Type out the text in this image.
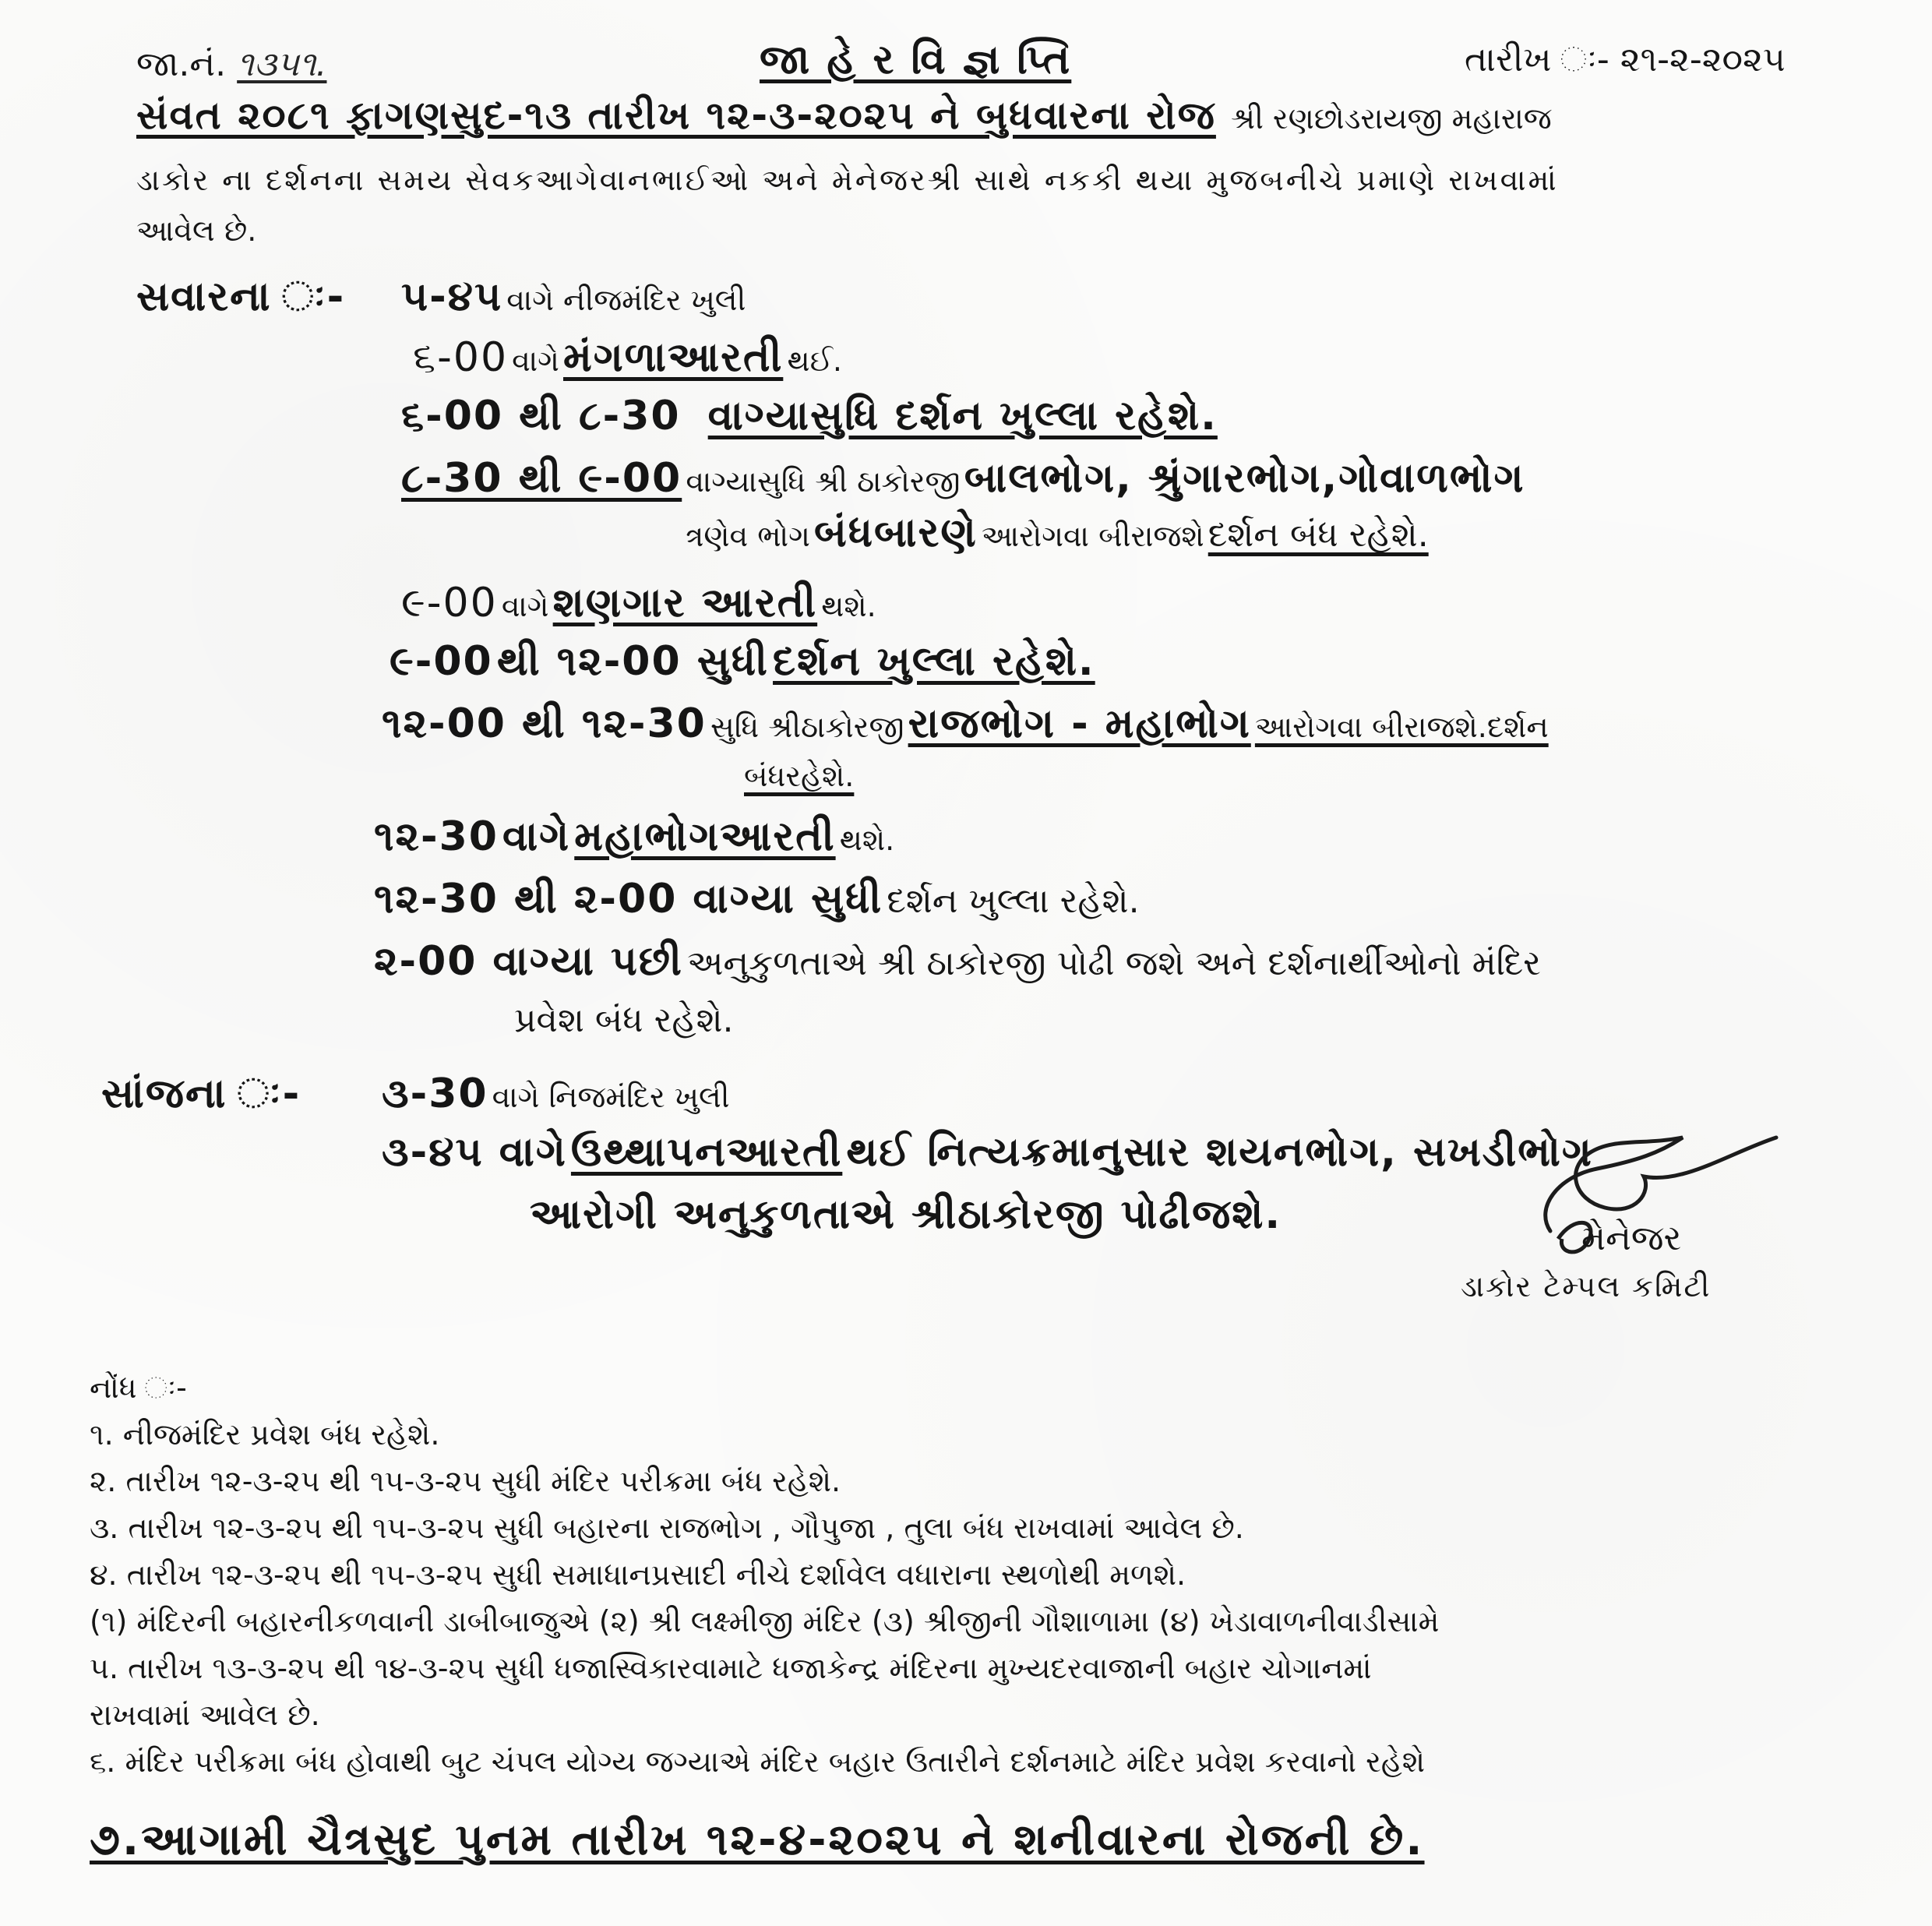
જા.નં. ૧૩૫૧.	જા હે ર વિ જ્ઞ પ્તિ	તારીખ ઃ- ૨૧-૨-૨૦૨૫
સંવત ૨૦૮૧ ફાગણસુદ-૧૩ તારીખ ૧૨-૩-૨૦૨૫ ને બુધવારના રોજ શ્રી રણછોડરાયજી મહારાજ
ડાકોર ના દર્શનના સમય સેવકઆગેવાનભાઈઓ અને મેનેજરશ્રી સાથે નકકી થયા મુજબનીચે પ્રમાણે રાખવામાં
આવેલ છે.
સવારના ઃ- ૫-૪૫ વાગે નીજમંદિર ખુલી
૬-00 વાગે મંગળાઆરતી થઈ.
૬-00 થી ૮-30 વાગ્યાસુધિ દર્શન ખુલ્લા રહેશે.
૮-30 થી ૯-00 વાગ્યાસુધિ શ્રી ઠાકોરજી બાલભોગ, શ્રુંગારભોગ,ગોવાળભોગ
ત્રણેવ ભોગ બંધબારણે આરોગવા બીરાજશે દર્શન બંધ રહેશે.
૯-00 વાગે શણગાર આરતી થશે.
૯-00 થી ૧૨-00 સુધી દર્શન ખુલ્લા રહેશે.
૧૨-00 થી ૧૨-30 સુધિ શ્રીઠાકોરજી રાજભોગ - મહાભોગ આરોગવા બીરાજશે.દર્શન
બંધરહેશે.
૧૨-30 વાગે મહાભોગઆરતી થશે.
૧૨-30 થી ૨-00 વાગ્યા સુધી દર્શન ખુલ્લા રહેશે.
૨-00 વાગ્યા પછી અનુકુળતાએ શ્રી ઠાકોરજી પોઢી જશે અને દર્શનાર્થીઓનો મંદિર
પ્રવેશ બંધ રહેશે.
સાંજના ઃ- ૩-30 વાગે નિજમંદિર ખુલી
૩-૪૫ વાગે ઉથ્થાપનઆરતી થઈ નિત્યક્રમાનુસાર શયનભોગ, સખડીભોગ
આરોગી અનુકુળતાએ શ્રીઠાકોરજી પોઢીજશે.
મેનેજર
ડાકોર ટેમ્પલ કમિટી
નોંધ ઃ-
૧. નીજમંદિર પ્રવેશ બંધ રહેશે.
૨. તારીખ ૧૨-૩-૨૫ થી ૧૫-૩-૨૫ સુધી મંદિર પરીક્રમા બંધ રહેશે.
૩. તારીખ ૧૨-૩-૨૫ થી ૧૫-૩-૨૫ સુધી બહારના રાજભોગ , ગૌપુજા , તુલા બંધ રાખવામાં આવેલ છે.
૪. તારીખ ૧૨-૩-૨૫ થી ૧૫-૩-૨૫ સુધી સમાધાનપ્રસાદી નીચે દર્શાવેલ વધારાના સ્થળોથી મળશે.
(૧) મંદિરની બહારનીકળવાની ડાબીબાજુએ (૨) શ્રી લક્ષ્મીજી મંદિર (૩) શ્રીજીની ગૌશાળામા (૪) ખેડાવાળનીવાડીસામે
૫. તારીખ ૧૩-૩-૨૫ થી ૧૪-૩-૨૫ સુધી ધજાસ્વિકારવામાટે ધજાકેન્દ્ર મંદિરના મુખ્યદરવાજાની બહાર ચોગાનમાં
રાખવામાં આવેલ છે.
૬. મંદિર પરીક્રમા બંધ હોવાથી બુટ ચંપલ યોગ્ય જગ્યાએ મંદિર બહાર ઉતારીને દર્શનમાટે મંદિર પ્રવેશ કરવાનો રહેશે
૭.આગામી ચૈત્રસુદ પુનમ તારીખ ૧૨-૪-૨૦૨૫ ને શનીવારના રોજની છે.
